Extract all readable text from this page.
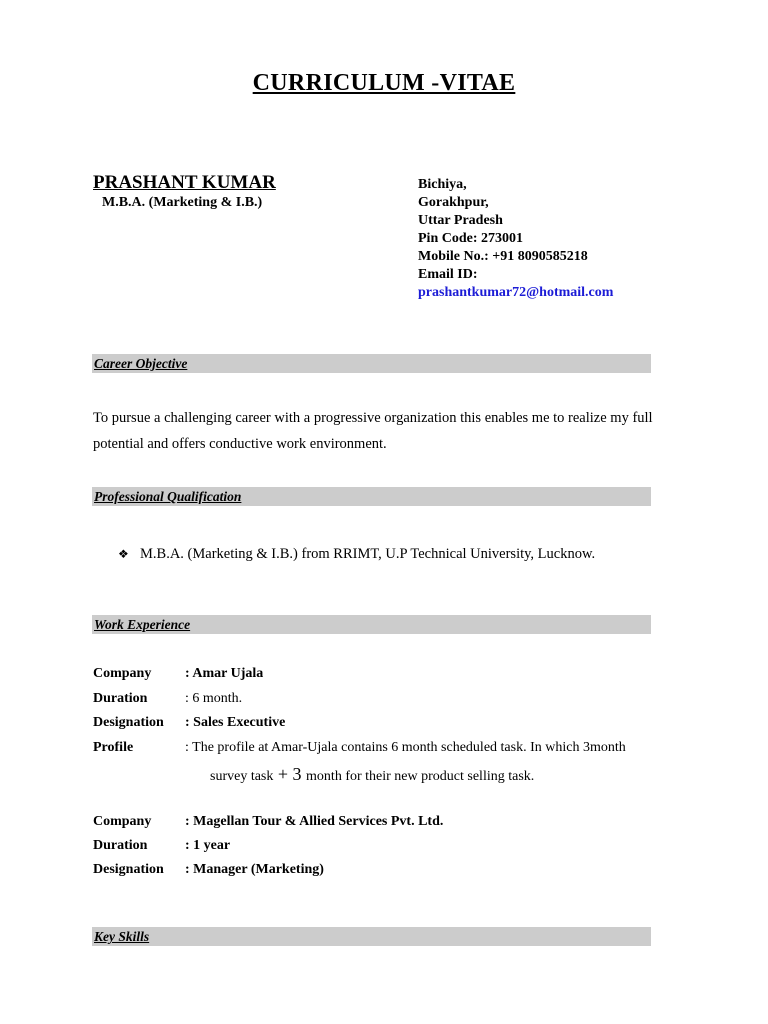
CURRICULUM -VITAE
PRASHANT KUMAR
M.B.A. (Marketing & I.B.)
Bichiya,
Gorakhpur,
Uttar Pradesh
Pin Code: 273001
Mobile No.: +91 8090585218
Email ID:
prashantkumar72@hotmail.com
Career Objective
To pursue a challenging career with a progressive organization this enables me to realize my full potential and offers conductive work environment.
Professional Qualification
❖ M.B.A. (Marketing & I.B.) from RRIMT, U.P Technical University, Lucknow.
Work Experience
Company : Amar Ujala
Duration	: 6 month.
Designation : Sales Executive
Profile	: The profile at Amar-Ujala contains 6 month scheduled task. In which 3month
survey task + 3 month for their new product selling task.
Company : Magellan Tour & Allied Services Pvt. Ltd.
Duration	: 1 year
Designation : Manager (Marketing)
Key Skills
